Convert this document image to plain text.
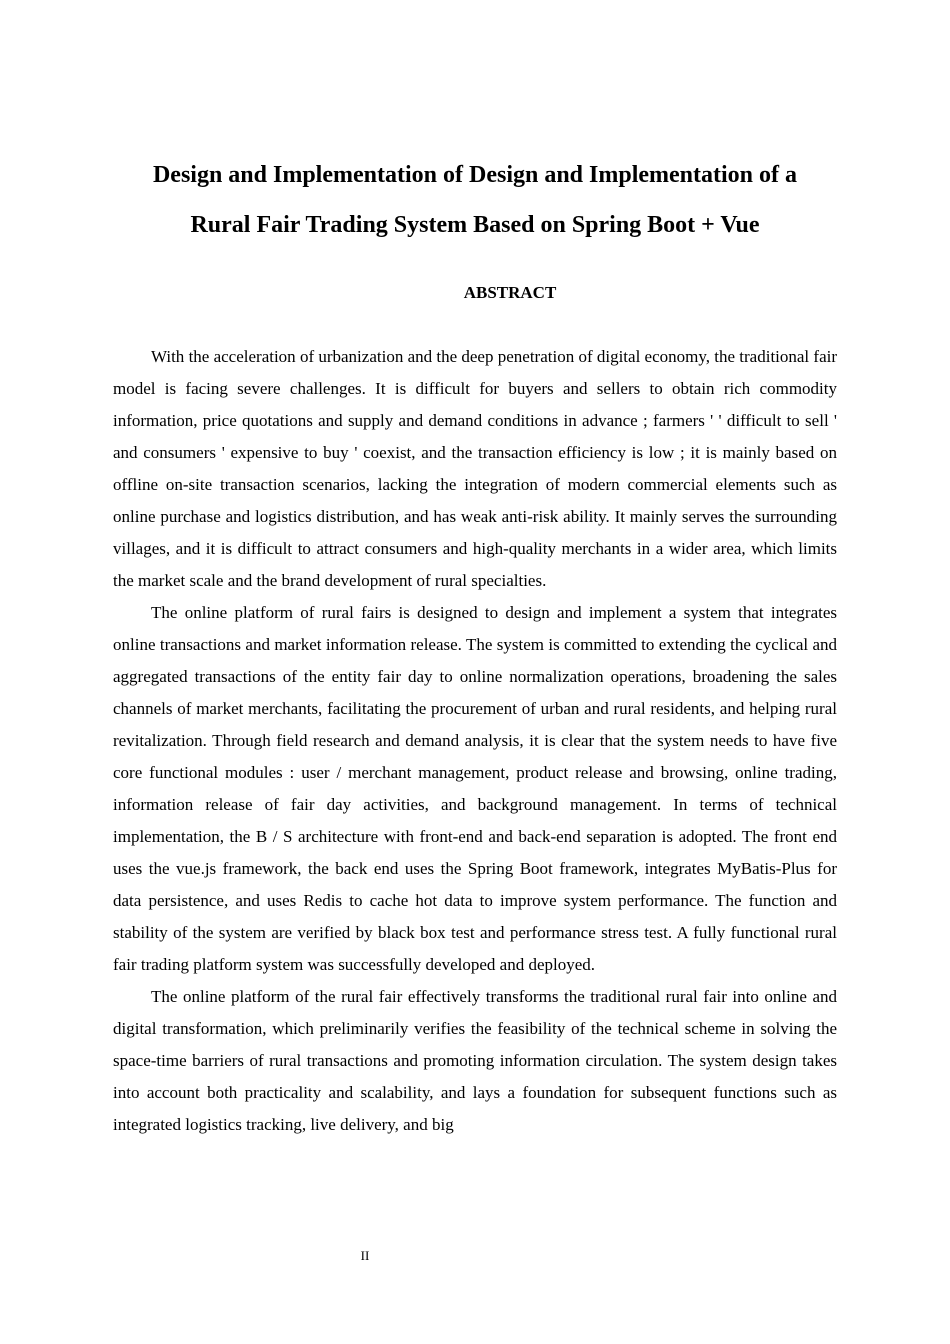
Design and Implementation of Design and Implementation of a
Rural Fair Trading System Based on Spring Boot + Vue
ABSTRACT

With the acceleration of urbanization and the deep penetration of digital economy, the traditional fair model is facing severe challenges. It is difficult for buyers and sellers to obtain rich commodity information, price quotations and supply and demand conditions in advance ; farmers ' ' difficult to sell ' and consumers ' expensive to buy ' coexist, and the transaction efficiency is low ; it is mainly based on offline on-site transaction scenarios, lacking the integration of modern commercial elements such as online purchase and logistics distribution, and has weak anti-risk ability. It mainly serves the surrounding villages, and it is difficult to attract consumers and high-quality merchants in a wider area, which limits the market scale and the brand development of rural specialties.

The online platform of rural fairs is designed to design and implement a system that integrates online transactions and market information release. The system is committed to extending the cyclical and aggregated transactions of the entity fair day to online normalization operations, broadening the sales channels of market merchants, facilitating the procurement of urban and rural residents, and helping rural revitalization. Through field research and demand analysis, it is clear that the system needs to have five core functional modules : user / merchant management, product release and browsing, online trading, information release of fair day activities, and background management. In terms of technical implementation, the B / S architecture with front-end and back-end separation is adopted. The front end uses the vue.js framework, the back end uses the Spring Boot framework, integrates MyBatis-Plus for data persistence, and uses Redis to cache hot data to improve system performance. The function and stability of the system are verified by black box test and performance stress test. A fully functional rural fair trading platform system was successfully developed and deployed.

The online platform of the rural fair effectively transforms the traditional rural fair into online and digital transformation, which preliminarily verifies the feasibility of the technical scheme in solving the space-time barriers of rural transactions and promoting information circulation. The system design takes into account both practicality and scalability, and lays a foundation for subsequent functions such as integrated logistics tracking, live delivery, and big

II
